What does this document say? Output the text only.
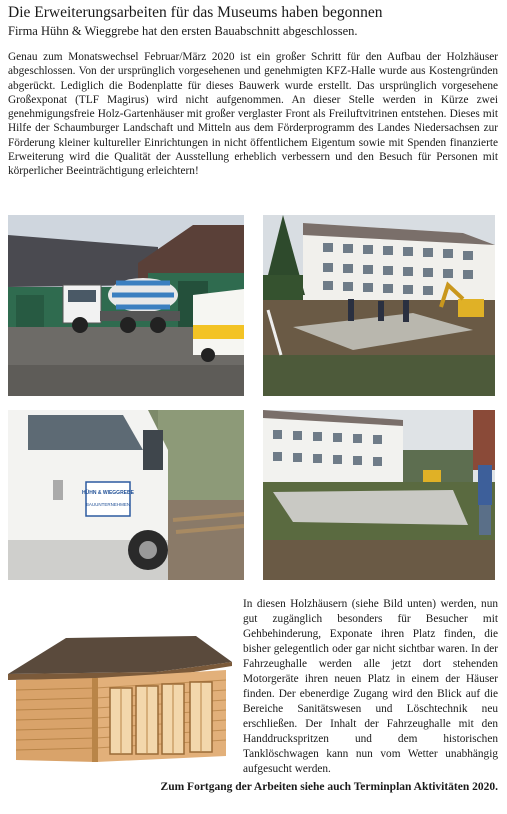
Die Erweiterungsarbeiten für das Museums haben begonnen
Firma Hühn & Wieggrebe hat den ersten Bauabschnitt abgeschlossen.

Genau zum Monatswechsel Februar/März 2020 ist ein großer Schritt für den Aufbau der Holzhäuser abgeschlossen. Von der ursprünglich vorgesehenen und genehmigten KFZ-Halle wurde aus Kostengründen abgerückt. Lediglich die Bodenplatte für dieses Bauwerk wurde erstellt. Das ursprünglich vorgesehene Großexponat (TLF Magirus) wird nicht aufgenommen. An dieser Stelle werden in Kürze zwei genehmigungsfreie Holz-Gartenhäuser mit großer verglaster Front als Freiluftvitrinen entstehen. Dieses mit Hilfe der Schaumburger Landschaft und Mitteln aus dem Förderprogramm des Landes Niedersachsen zur Förderung kleiner kultureller Einrichtungen in nicht öffentlichem Eigentum sowie mit Spenden finanzierte Erweiterung wird die Qualität der Ausstellung erheblich verbessern und den Besuch für Personen mit körperlicher Beeinträchtigung erleichtern!

HÜHN & WIEGGREBE
BAUUNTERNEHMEN

In diesen Holzhäusern (siehe Bild unten) werden, nun gut zugänglich besonders für Besucher mit Gehbehinderung, Exponate ihren Platz finden, die bisher gelegentlich oder gar nicht sichtbar waren. In der Fahrzeughalle werden alle jetzt dort stehenden Motorgeräte ihren neuen Platz in einem der Häuser finden. Der ebenerdige Zugang wird den Blick auf die Bereiche Sanitätswesen und Löschtechnik neu erschließen. Der Inhalt der Fahrzeughalle mit den Handdruckspritzen und dem historischen Tanklöschwagen kann nun vom Wetter unabhängig aufgesucht werden.

Zum Fortgang der Arbeiten siehe auch Terminplan Aktivitäten 2020.
